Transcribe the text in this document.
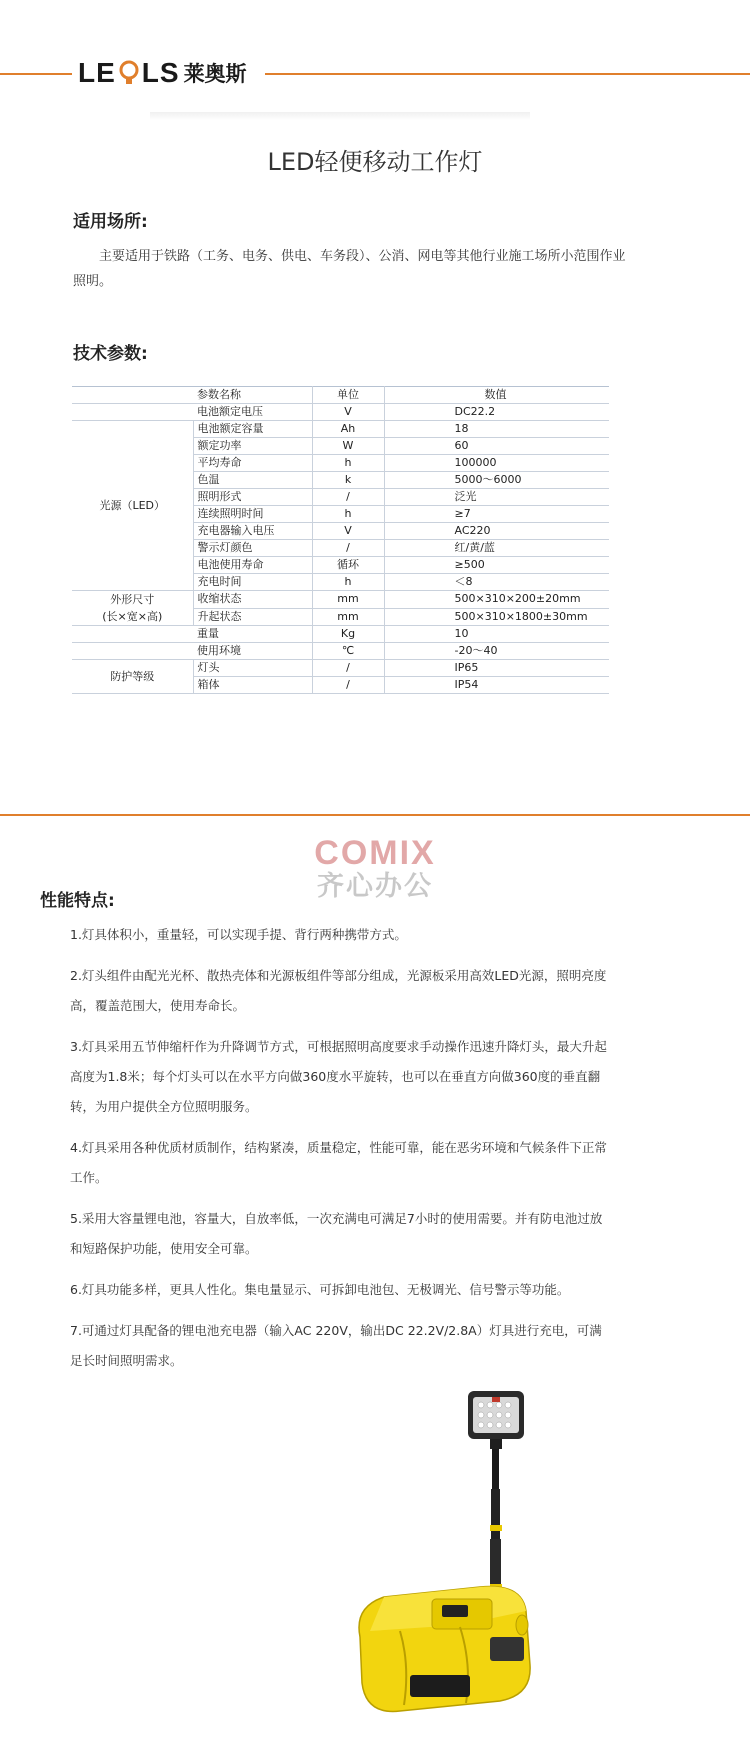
LE LS 莱奥斯
LED轻便移动工作灯
适用场所:
主要适用于铁路（工务、电务、供电、车务段）、公消、网电等其他行业施工场所小范围作业照明。
技术参数:
	参数名称	单位	数值
	电池额定电压	V	DC22.2
光源（LED）	电池额定容量	Ah	18
	额定功率	W	60
	平均寿命	h	100000
	色温	k	5000～6000
	照明形式	/	泛光
	连续照明时间	h	≥7
	充电器输入电压	V	AC220
	警示灯颜色	/	红/黄/蓝
	电池使用寿命	循环	≥500
	充电时间	h	＜8
外形尺寸
(长×宽×高)	收缩状态	mm	500×310×200±20mm
	升起状态	mm	500×310×1800±30mm
	重量	Kg	10
	使用环境	℃	-20～40
防护等级	灯头	/	IP65
	箱体	/	IP54
COMIX
齐心办公
性能特点:

1.灯具体积小，重量轻，可以实现手提、背行两种携带方式。

2.灯头组件由配光光杯、散热壳体和光源板组件等部分组成，光源板采用高效LED光源，照明亮度高，覆盖范围大，使用寿命长。

3.灯具采用五节伸缩杆作为升降调节方式，可根据照明高度要求手动操作迅速升降灯头，最大升起高度为1.8米；每个灯头可以在水平方向做360度水平旋转，也可以在垂直方向做360度的垂直翻转，为用户提供全方位照明服务。

4.灯具采用各种优质材质制作，结构紧凑，质量稳定，性能可靠，能在恶劣环境和气候条件下正常工作。

5.采用大容量锂电池，容量大，自放率低，一次充满电可满足7小时的使用需要。并有防电池过放和短路保护功能，使用安全可靠。

6.灯具功能多样，更具人性化。集电量显示、可拆卸电池包、无极调光、信号警示等功能。

7.可通过灯具配备的锂电池充电器（输入AC 220V，输出DC 22.2V/2.8A）灯具进行充电，可满足长时间照明需求。
